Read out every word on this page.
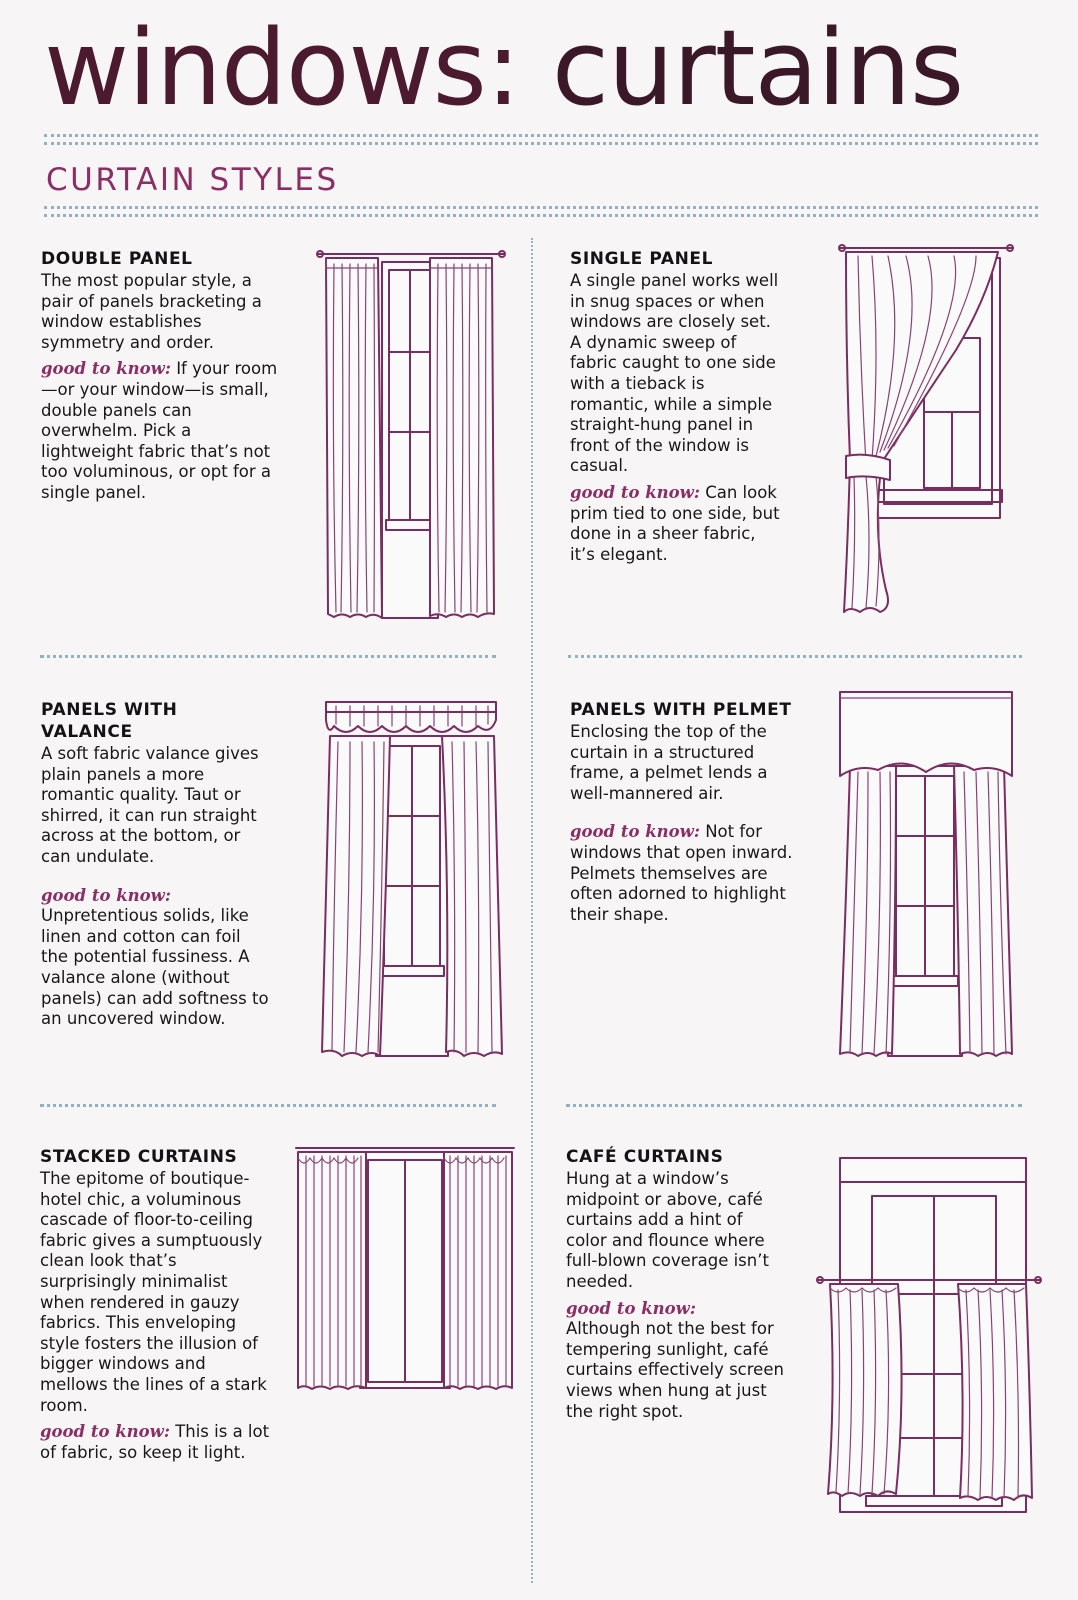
windows: curtains
CURTAIN STYLES
DOUBLE PANEL

The most popular style, a pair of panels bracketing a window establishes symmetry and order.

good to know: If your room—or your window—is small, double panels can overwhelm. Pick a lightweight fabric that’s not too voluminous, or opt for a single panel.

SINGLE PANEL

A single panel works well in snug spaces or when windows are closely set. A dynamic sweep of fabric caught to one side with a tieback is romantic, while a simple straight-hung panel in front of the window is casual.

good to know: Can look prim tied to one side, but done in a sheer fabric, it’s elegant.

PANELS WITH VALANCE

A soft fabric valance gives plain panels a more romantic quality. Taut or shirred, it can run straight across at the bottom, or can undulate.

good to know:
Unpretentious solids, like linen and cotton can foil the potential fussiness. A valance alone (without panels) can add softness to an uncovered window.

PANELS WITH PELMET

Enclosing the top of the curtain in a structured frame, a pelmet lends a well-mannered air.

good to know: Not for windows that open inward. Pelmets themselves are often adorned to highlight their shape.

STACKED CURTAINS

The epitome of boutique-hotel chic, a voluminous cascade of floor-to-ceiling fabric gives a sumptuously clean look that’s surprisingly minimalist when rendered in gauzy fabrics. This enveloping style fosters the illusion of bigger windows and mellows the lines of a stark room.

good to know: This is a lot of fabric, so keep it light.

CAFÉ CURTAINS

Hung at a window’s midpoint or above, café curtains add a hint of color and flounce where full-blown coverage isn’t needed.

good to know:
Although not the best for tempering sunlight, café curtains effectively screen views when hung at just the right spot.
